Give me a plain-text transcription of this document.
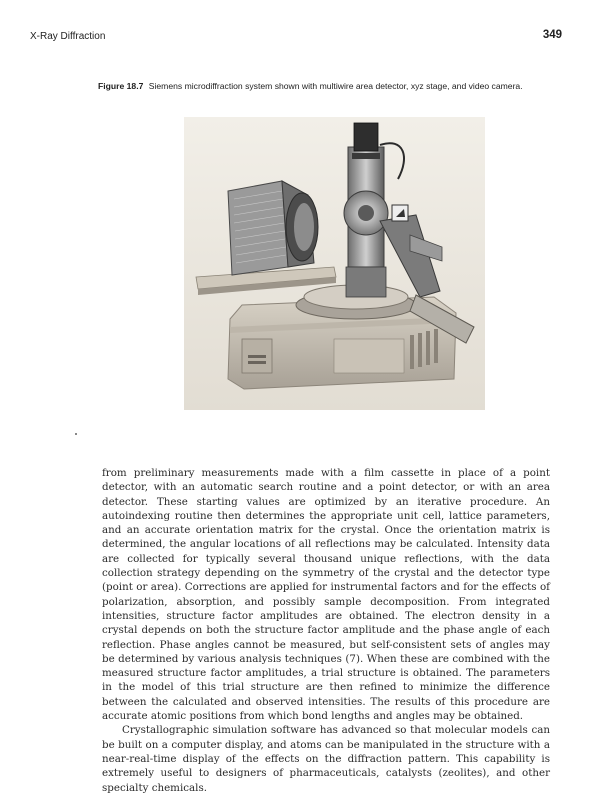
X-Ray Diffraction	349
Figure 18.7 Siemens microdiffraction system shown with multiwire area detector, xyz stage, and video camera.

from preliminary measurements made with a film cassette in place of a point detector, with an automatic search routine and a point detector, or with an area detector. These starting values are optimized by an iterative procedure. An autoindexing routine then determines the appropriate unit cell, lattice parameters, and an accurate orientation matrix for the crystal. Once the orientation matrix is determined, the angular locations of all reflections may be calculated. Intensity data are collected for typically several thousand unique reflections, with the data collection strategy depending on the symmetry of the crystal and the detector type (point or area). Corrections are applied for instrumental factors and for the effects of polarization, absorption, and possibly sample decomposition. From integrated intensities, structure factor amplitudes are obtained. The electron density in a crystal depends on both the structure factor amplitude and the phase angle of each reflection. Phase angles cannot be measured, but self-consistent sets of angles may be determined by various analysis techniques (7). When these are combined with the measured structure factor amplitudes, a trial structure is obtained. The parameters in the model of this trial structure are then refined to minimize the difference between the calculated and observed intensities. The results of this procedure are accurate atomic positions from which bond lengths and angles may be obtained.

Crystallographic simulation software has advanced so that molecular models can be built on a computer display, and atoms can be manipulated in the structure with a near-real-time display of the effects on the diffraction pattern. This capability is extremely useful to designers of pharmaceuticals, catalysts (zeolites), and other specialty chemicals.
